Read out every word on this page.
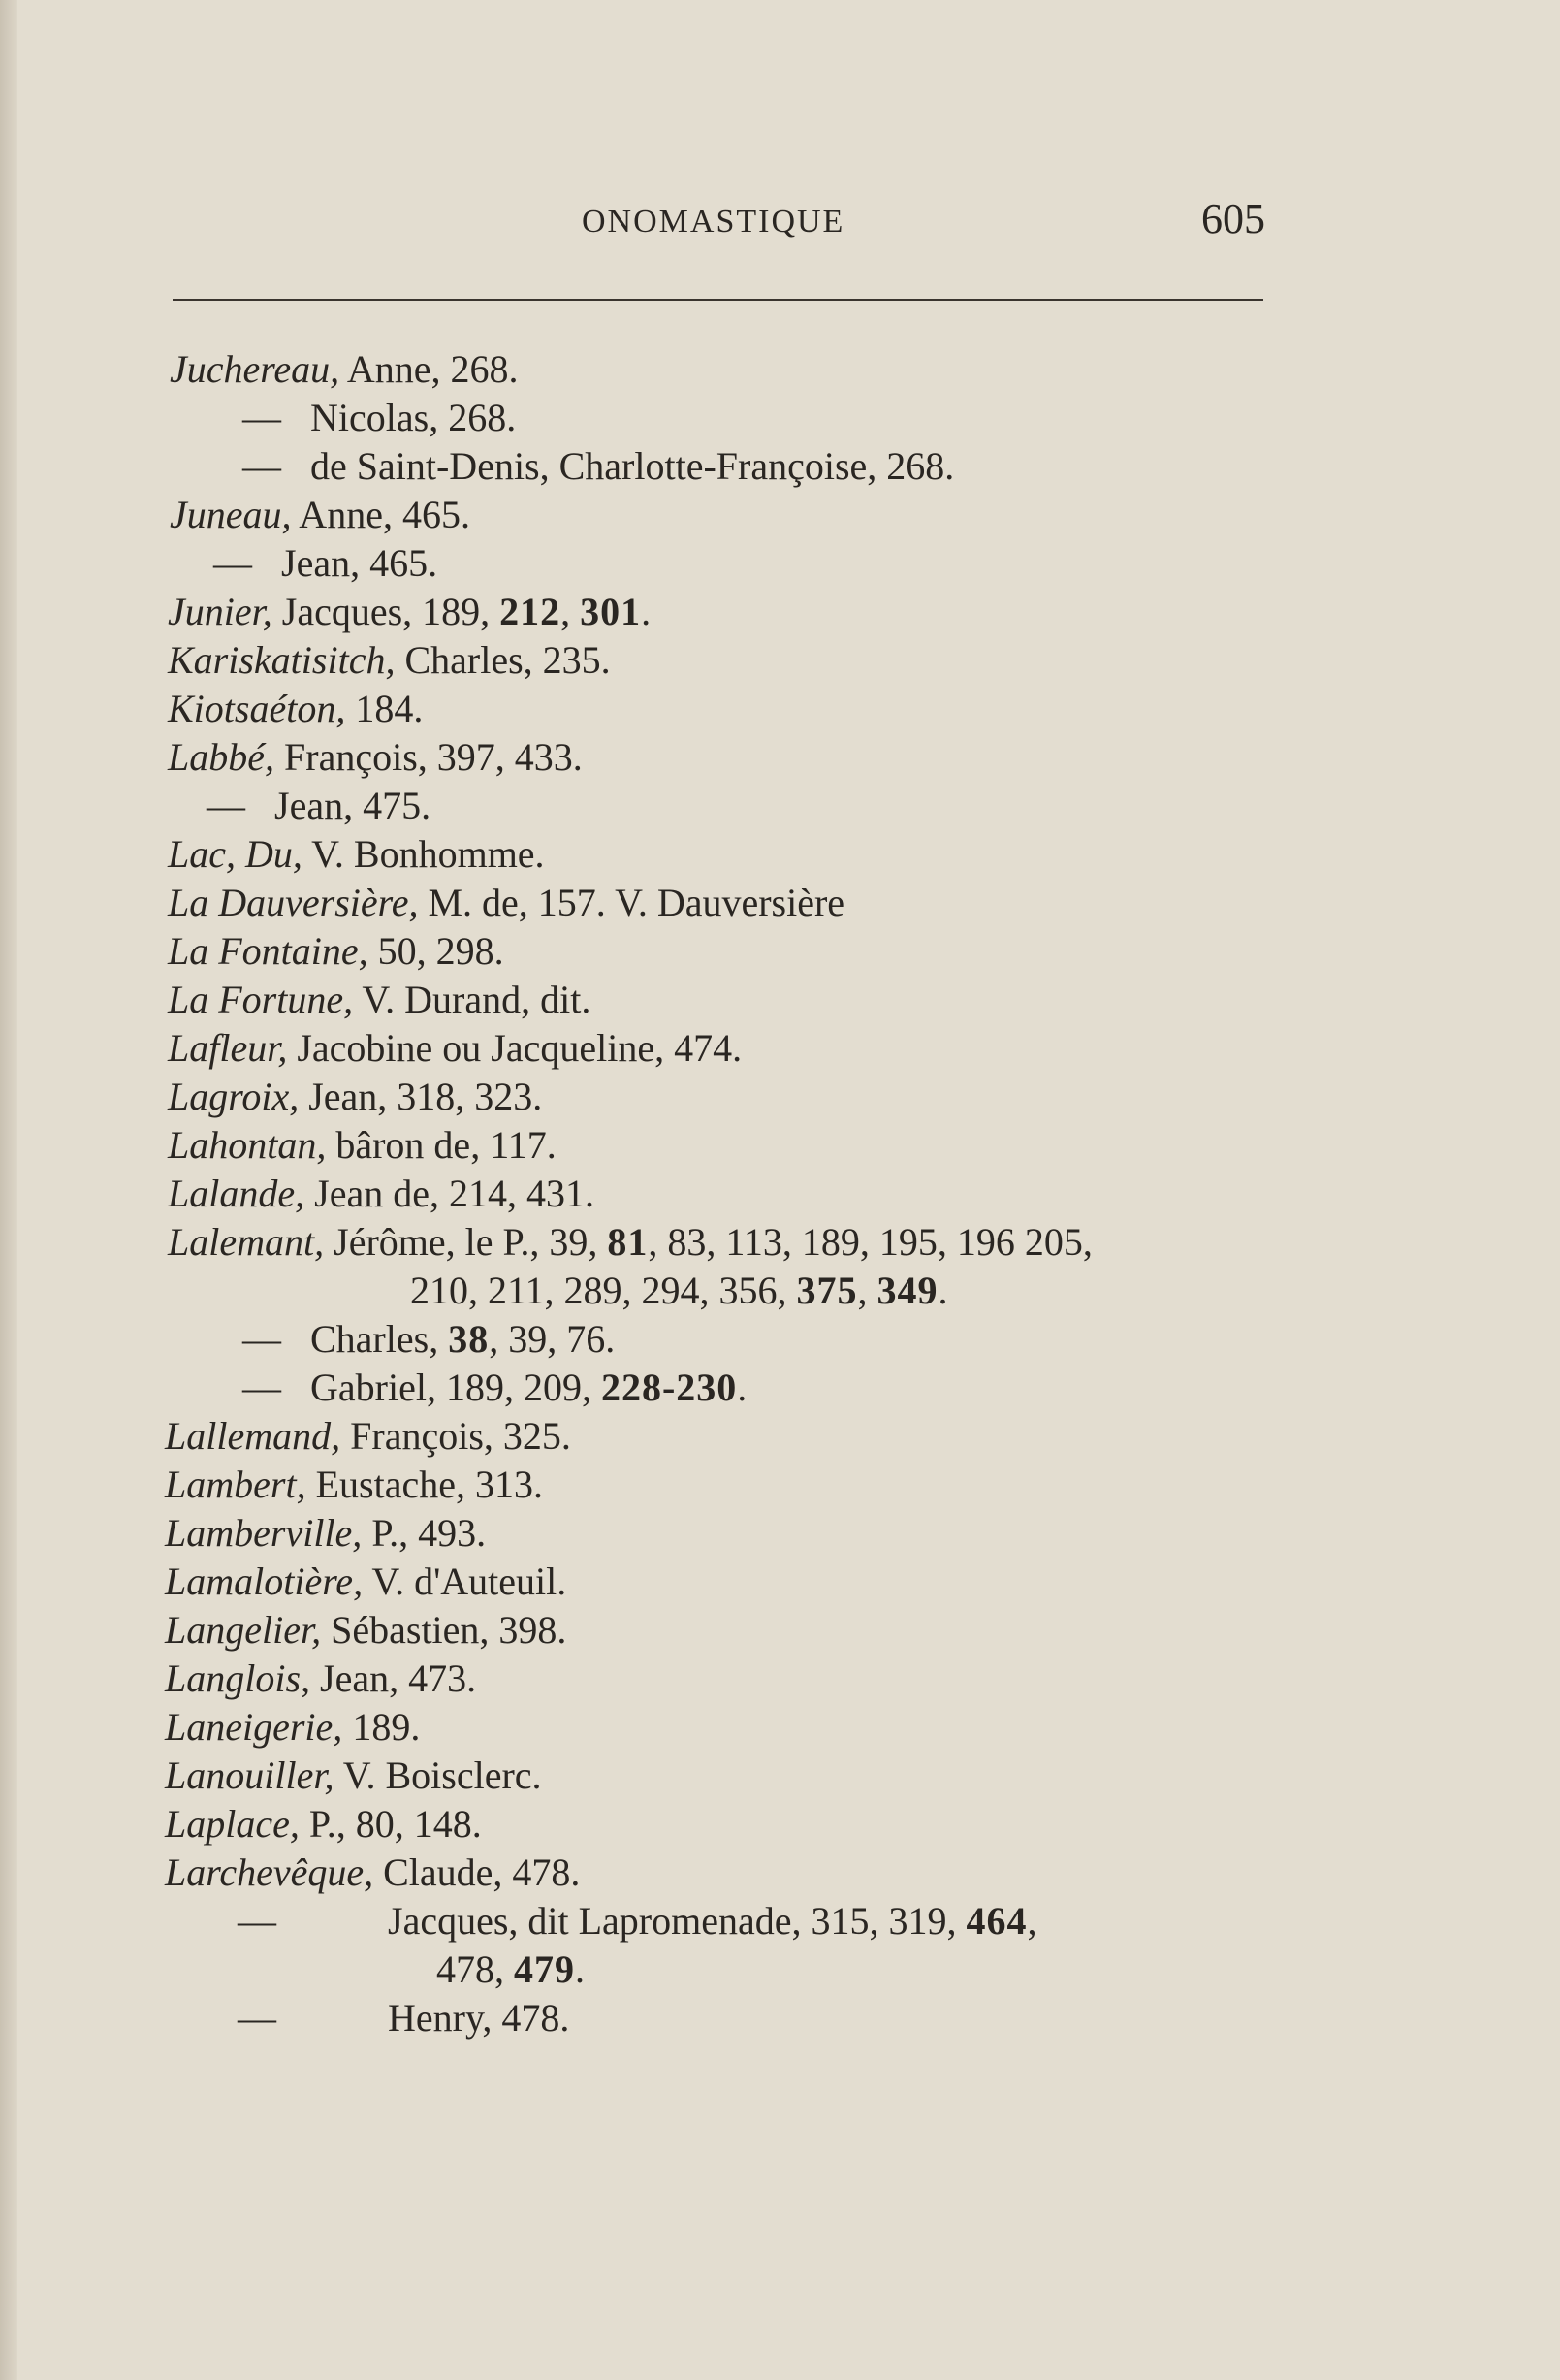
ONOMASTIQUE	605
Juchereau, Anne, 268.
— Nicolas, 268.
— de Saint-Denis, Charlotte-Françoise, 268.
Juneau, Anne, 465.
— Jean, 465.
Junier, Jacques, 189, 212, 301.
Kariskatisitch, Charles, 235.
Kiotsaéton, 184.
Labbé, François, 397, 433.
— Jean, 475.
Lac, Du, V. Bonhomme.
La Dauversière, M. de, 157. V. Dauversière
La Fontaine, 50, 298.
La Fortune, V. Durand, dit.
Lafleur, Jacobine ou Jacqueline, 474.
Lagroix, Jean, 318, 323.
Lahontan, bâron de, 117.
Lalande, Jean de, 214, 431.
Lalemant, Jérôme, le P., 39, 81, 83, 113, 189, 195, 196 205,
210, 211, 289, 294, 356, 375, 349.
— Charles, 38, 39, 76.
— Gabriel, 189, 209, 228-230.
Lallemand, François, 325.
Lambert, Eustache, 313.
Lamberville, P., 493.
Lamalotière, V. d'Auteuil.
Langelier, Sébastien, 398.
Langlois, Jean, 473.
Laneigerie, 189.
Lanouiller, V. Boisclerc.
Laplace, P., 80, 148.
Larchevêque, Claude, 478.
—	Jacques, dit Lapromenade, 315, 319, 464,
478, 479.
—	Henry, 478.
